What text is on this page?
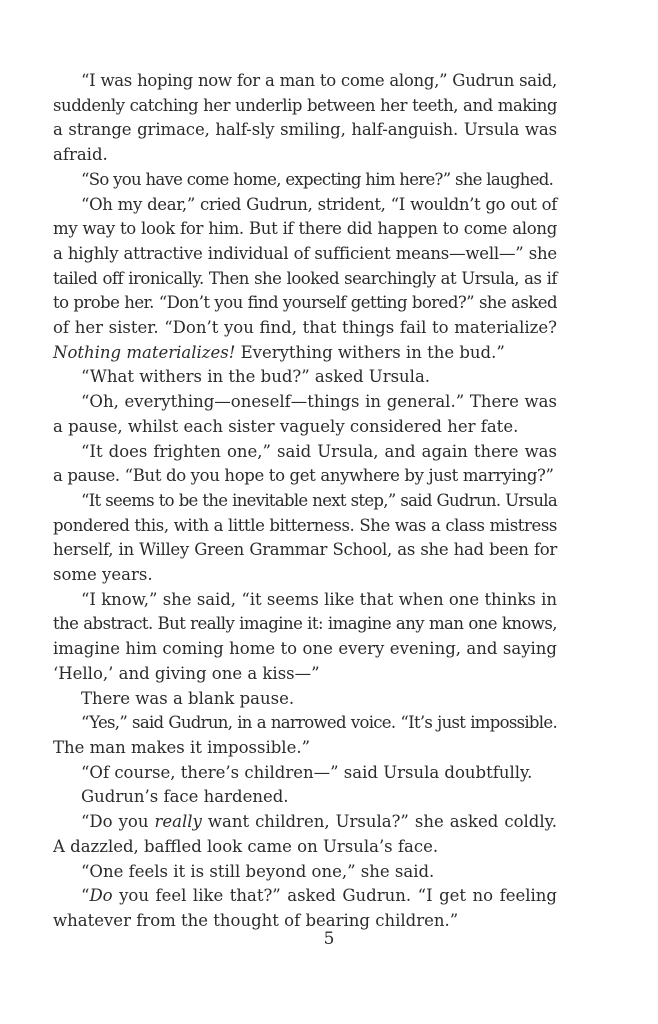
“I was hoping now for a man to come along,” Gudrun said,
suddenly catching her underlip between her teeth, and making
a strange grimace, half-sly smiling, half-anguish. Ursula was
afraid.
“So you have come home, expecting him here?” she laughed.
“Oh my dear,” cried Gudrun, strident, “I wouldn’t go out of
my way to look for him. But if there did happen to come along
a highly attractive individual of sufficient means—well—” she
tailed off ironically. Then she looked searchingly at Ursula, as if
to probe her. “Don’t you find yourself getting bored?” she asked
of her sister. “Don’t you find, that things fail to materialize?
Nothing materializes! Everything withers in the bud.”
“What withers in the bud?” asked Ursula.
“Oh, everything—oneself—things in general.” There was
a pause, whilst each sister vaguely considered her fate.
“It does frighten one,” said Ursula, and again there was
a pause. “But do you hope to get anywhere by just marrying?”
“It seems to be the inevitable next step,” said Gudrun. Ursula
pondered this, with a little bitterness. She was a class mistress
herself, in Willey Green Grammar School, as she had been for
some years.
“I know,” she said, “it seems like that when one thinks in
the abstract. But really imagine it: imagine any man one knows,
imagine him coming home to one every evening, and saying
‘Hello,’ and giving one a kiss—”
There was a blank pause.
“Yes,” said Gudrun, in a narrowed voice. “It’s just impossible.
The man makes it impossible.”
“Of course, there’s children—” said Ursula doubtfully.
Gudrun’s face hardened.
“Do you really want children, Ursula?” she asked coldly.
A dazzled, baffled look came on Ursula’s face.
“One feels it is still beyond one,” she said.
“Do you feel like that?” asked Gudrun. “I get no feeling
whatever from the thought of bearing children.”
5
